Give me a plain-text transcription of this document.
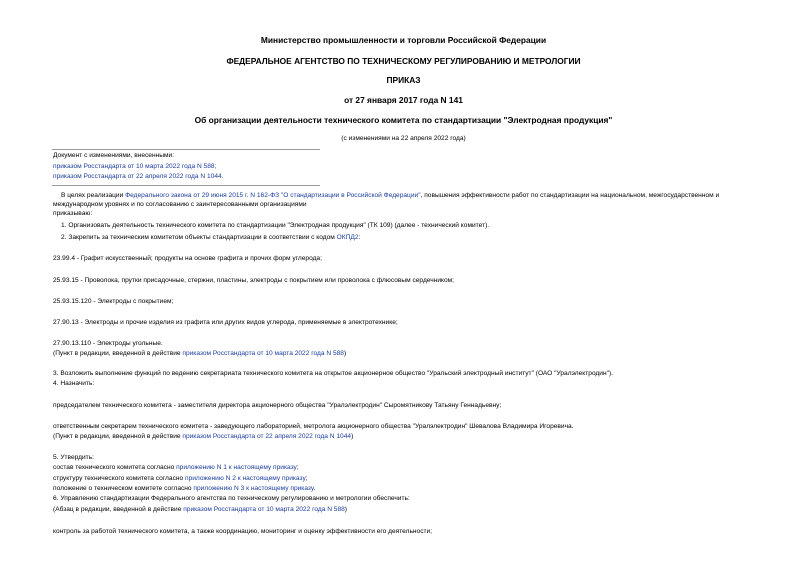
Министерство промышленности и торговли Российской Федерации
ФЕДЕРАЛЬНОЕ АГЕНТСТВО ПО ТЕХНИЧЕСКОМУ РЕГУЛИРОВАНИЮ И МЕТРОЛОГИИ
ПРИКАЗ
от 27 января 2017 года N 141
Об организации деятельности технического комитета по стандартизации "Электродная продукция"
(с изменениями на 22 апреля 2022 года)
Документ с изменениями, внесенными:
приказом Росстандарта от 10 марта 2022 года N 588;
приказом Росстандарта от 22 апреля 2022 года N 1044.
В целях реализации Федерального закона от 29 июня 2015 г. N 162-ФЗ "О стандартизации в Российской Федерации", повышения эффективности работ по стандартизации на национальном, межгосударственном и
международном уровнях и по согласованию с заинтересованными организациями
приказываю:
1. Организовать деятельность технического комитета по стандартизации "Электродная продукция" (ТК 109) (далее - технический комитет).
2. Закрепить за техническим комитетом объекты стандартизации в соответствии с кодом ОКПД2:
23.99.4 - Графит искусственный; продукты на основе графита и прочих форм углерода;
25.93.15 - Проволока, прутки присадочные, стержни, пластины, электроды с покрытием или проволока с флюсовым сердечником;
25.93.15.120 - Электроды с покрытием;
27.90.13 - Электроды и прочие изделия из графита или других видов углерода, применяемые в электротехнике;
27.90.13.110 - Электроды угольные.
(Пункт в редакции, введенной в действие приказом Росстандарта от 10 марта 2022 года N 588)
3. Возложить выполнение функций по ведению секретариата технического комитета на открытое акционерное общество "Уральский электродный институт" (ОАО "Уралэлектродин").
4. Назначить:
председателем технического комитета - заместителя директора акционерного общества "Уралэлектродин" Сыромятникову Татьяну Геннадьевну;
ответственным секретарем технического комитета - заведующего лабораторией, метролога акционерного общества "Уралэлектродин" Шевалова Владимира Игоревича.
(Пункт в редакции, введенной в действие приказом Росстандарта от 22 апреля 2022 года N 1044)
5. Утвердить:
состав технического комитета согласно приложению N 1 к настоящему приказу;
структуру технического комитета согласно приложению N 2 к настоящему приказу;
положение о техническом комитете согласно приложению N 3 к настоящему приказу.
6. Управлению стандартизации Федерального агентства по техническому регулированию и метрологии обеспечить:
(Абзац в редакции, введенной в действие приказом Росстандарта от 10 марта 2022 года N 588)
контроль за работой технического комитета, а также координацию, мониторинг и оценку эффективности его деятельности;
